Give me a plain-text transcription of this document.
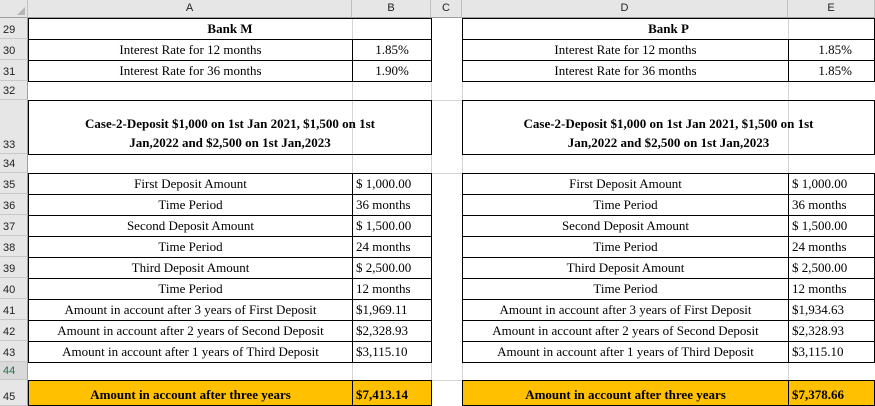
A	B	C	D	E
29
30
31
32
33
34
35
36
37
38
39
40
41
42
43
44
45
Bank M
Interest Rate for 12 months	1.85%
Interest Rate for 36 months	1.90%
Case-2-Deposit $1,000 on 1st Jan 2021, $1,500 on 1st Jan,2022 and $2,500 on 1st Jan,2023
First Deposit Amount	$ 1,000.00
Time Period	36 months
Second Deposit Amount	$ 1,500.00
Time Period	24 months
Third Deposit Amount	$ 2,500.00
Time Period	12 months
Amount in account after 3 years of First Deposit	$1,969.11
Amount in account after 2 years of Second Deposit	$2,328.93
Amount in account after 1 years of Third Deposit	$3,115.10
Amount in account after three years	$7,413.14
Bank P
Interest Rate for 12 months	1.85%
Interest Rate for 36 months	1.85%
Case-2-Deposit $1,000 on 1st Jan 2021, $1,500 on 1st Jan,2022 and $2,500 on 1st Jan,2023
First Deposit Amount	$ 1,000.00
Time Period	36 months
Second Deposit Amount	$ 1,500.00
Time Period	24 months
Third Deposit Amount	$ 2,500.00
Time Period	12 months
Amount in account after 3 years of First Deposit	$1,934.63
Amount in account after 2 years of Second Deposit	$2,328.93
Amount in account after 1 years of Third Deposit	$3,115.10
Amount in account after three years	$7,378.66
